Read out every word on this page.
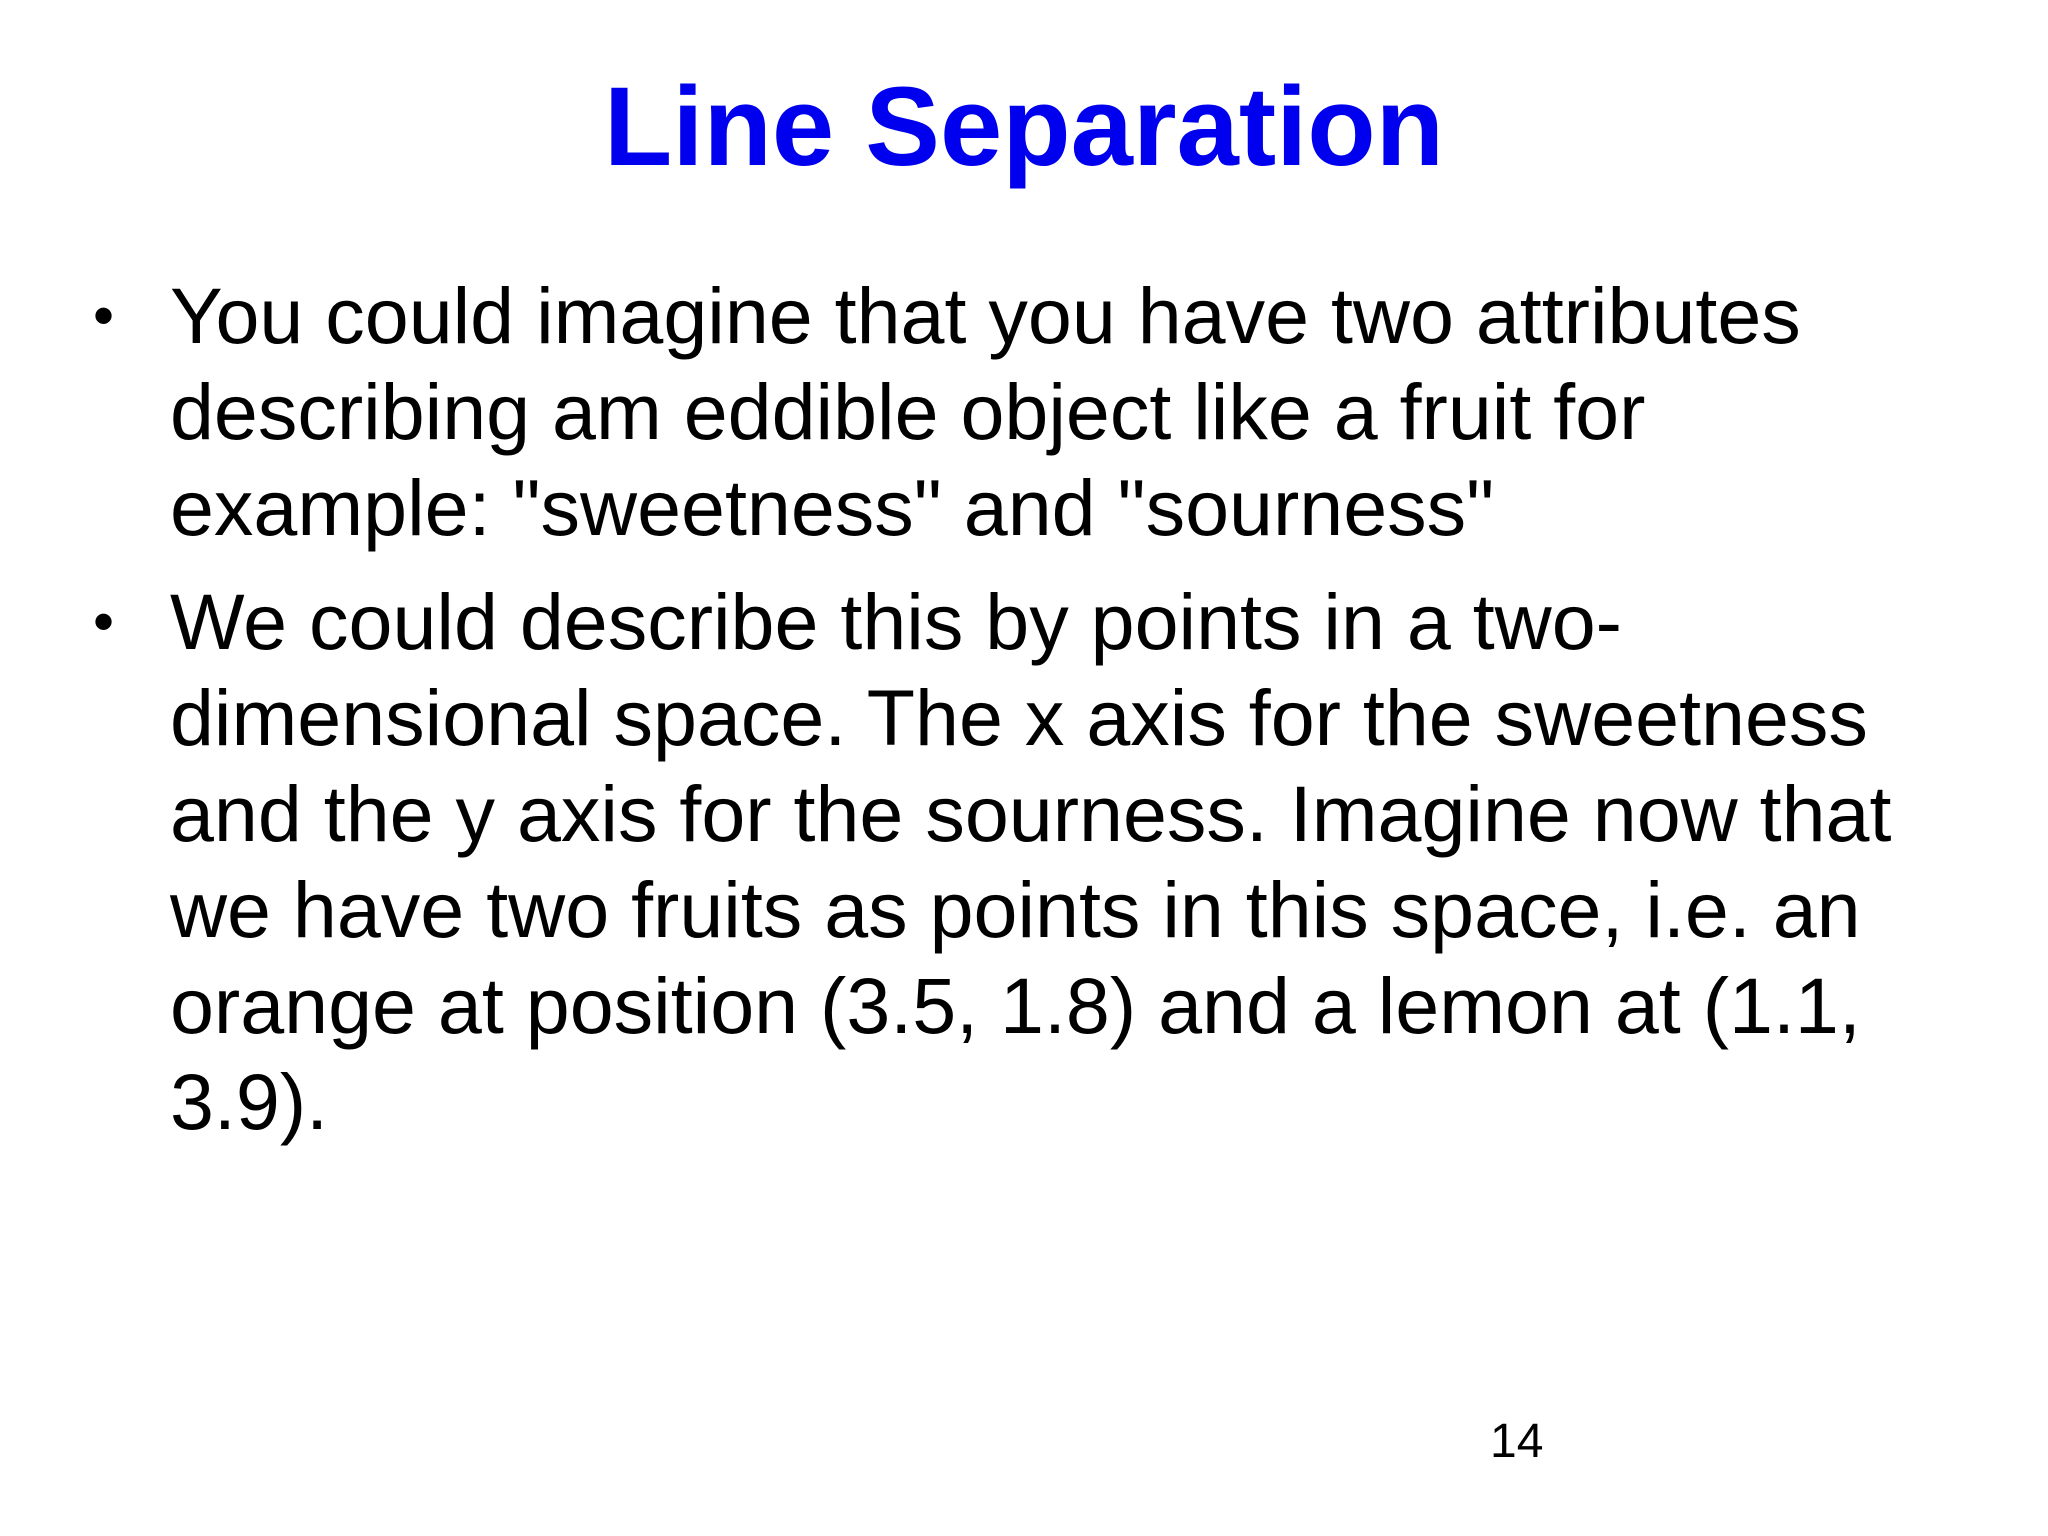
Line Separation
• You could imagine that you have two attributes
describing am eddible object like a fruit for
example: "sweetness" and "sourness"
• We could describe this by points in a two-
dimensional space. The x axis for the sweetness
and the y axis for the sourness. Imagine now that
we have two fruits as points in this space, i.e. an
orange at position (3.5, 1.8) and a lemon at (1.1,
3.9).
14
